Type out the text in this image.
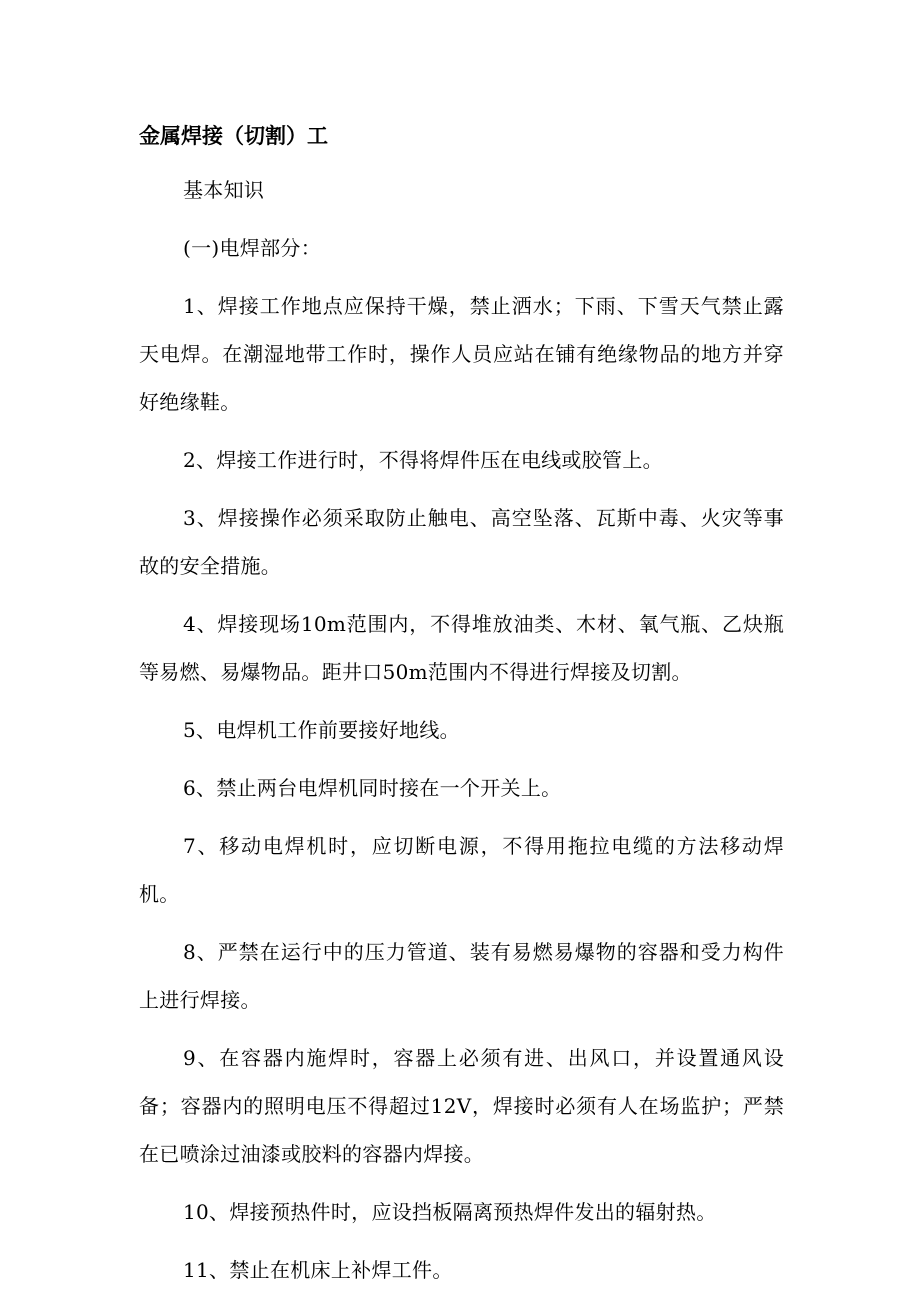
金属焊接（切割）工

基本知识

(一)电焊部分：

1、焊接工作地点应保持干燥，禁止洒水；下雨、下雪天气禁止露天电焊。在潮湿地带工作时，操作人员应站在铺有绝缘物品的地方并穿好绝缘鞋。

2、焊接工作进行时，不得将焊件压在电线或胶管上。

3、焊接操作必须采取防止触电、高空坠落、瓦斯中毒、火灾等事故的安全措施。

4、焊接现场10m范围内，不得堆放油类、木材、氧气瓶、乙炔瓶等易燃、易爆物品。距井口50m范围内不得进行焊接及切割。

5、电焊机工作前要接好地线。

6、禁止两台电焊机同时接在一个开关上。

7、移动电焊机时，应切断电源，不得用拖拉电缆的方法移动焊机。

8、严禁在运行中的压力管道、装有易燃易爆物的容器和受力构件上进行焊接。

9、在容器内施焊时，容器上必须有进、出风口，并设置通风设备；容器内的照明电压不得超过12V，焊接时必须有人在场监护；严禁在已喷涂过油漆或胶料的容器内焊接。

10、焊接预热件时，应设挡板隔离预热焊件发出的辐射热。

11、禁止在机床上补焊工件。
